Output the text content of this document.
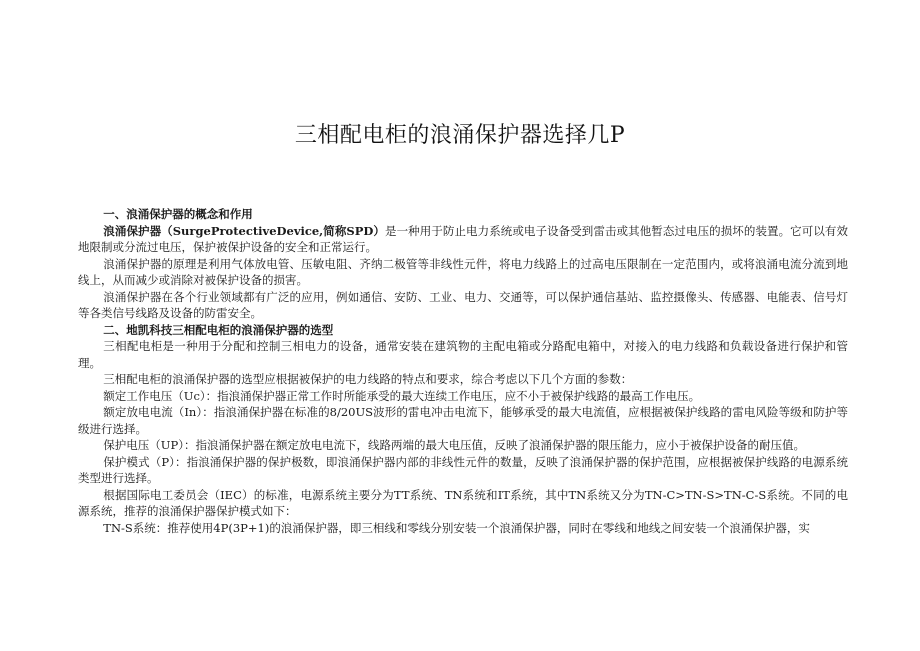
三相配电柜的浪涌保护器选择几P

一、浪涌保护器的概念和作用

浪涌保护器（SurgeProtectiveDevice,简称SPD）是一种用于防止电力系统或电子设备受到雷击或其他暂态过电压的损坏的装置。它可以有效地限制或分流过电压，保护被保护设备的安全和正常运行。

浪涌保护器的原理是利用气体放电管、压敏电阻、齐纳二极管等非线性元件，将电力线路上的过高电压限制在一定范围内，或将浪涌电流分流到地线上，从而减少或消除对被保护设备的损害。

浪涌保护器在各个行业领域都有广泛的应用，例如通信、安防、工业、电力、交通等，可以保护通信基站、监控摄像头、传感器、电能表、信号灯等各类信号线路及设备的防雷安全。

二、地凯科技三相配电柜的浪涌保护器的选型

三相配电柜是一种用于分配和控制三相电力的设备，通常安装在建筑物的主配电箱或分路配电箱中，对接入的电力线路和负载设备进行保护和管理。

三相配电柜的浪涌保护器的选型应根据被保护的电力线路的特点和要求，综合考虑以下几个方面的参数：

额定工作电压（Uc）：指浪涌保护器正常工作时所能承受的最大连续工作电压，应不小于被保护线路的最高工作电压。

额定放电电流（In）：指浪涌保护器在标准的8/20US波形的雷电冲击电流下，能够承受的最大电流值，应根据被保护线路的雷电风险等级和防护等级进行选择。

保护电压（UP）：指浪涌保护器在额定放电电流下，线路两端的最大电压值，反映了浪涌保护器的限压能力，应小于被保护设备的耐压值。

保护模式（P）：指浪涌保护器的保护极数，即浪涌保护器内部的非线性元件的数量，反映了浪涌保护器的保护范围，应根据被保护线路的电源系统类型进行选择。

根据国际电工委员会（IEC）的标准，电源系统主要分为TT系统、TN系统和IT系统，其中TN系统又分为TN-C>TN-S>TN-C-S系统。不同的电源系统，推荐的浪涌保护器保护模式如下：

TN-S系统：推荐使用4P(3P+1)的浪涌保护器，即三相线和零线分别安装一个浪涌保护器，同时在零线和地线之间安装一个浪涌保护器，实
